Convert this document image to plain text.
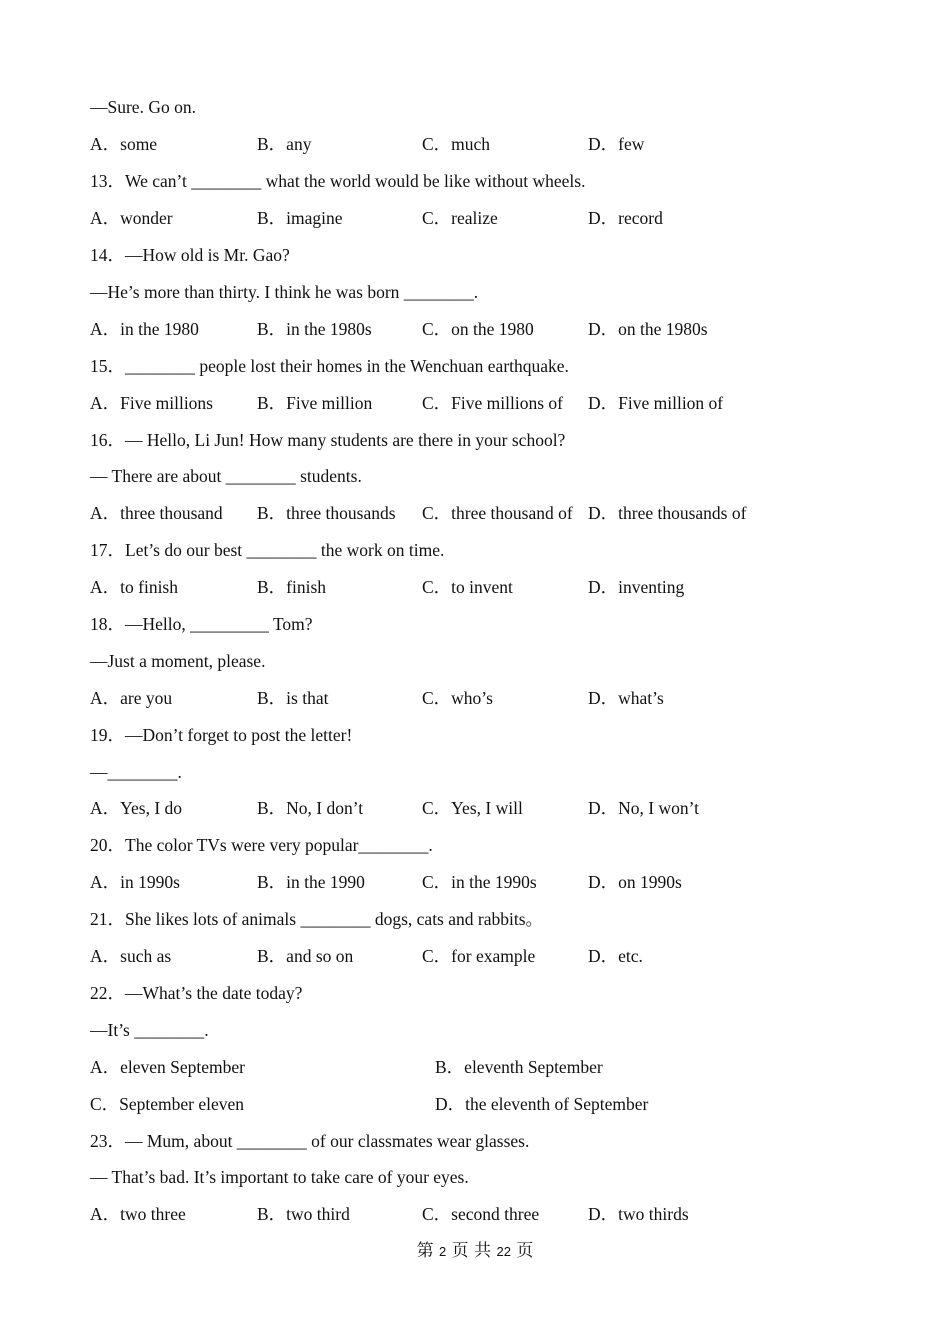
—Sure. Go on.
A．some	B．any	C．much	D．few
13．We can’t ________ what the world would be like without wheels.
A．wonder	B．imagine	C．realize	D．record
14．—How old is Mr. Gao?
—He’s more than thirty. I think he was born ________.
A．in the 1980	B．in the 1980s	C．on the 1980	D．on the 1980s
15．________ people lost their homes in the Wenchuan earthquake.
A．Five millions	B．Five million	C．Five millions of D．Five million of
16．— Hello, Li Jun! How many students are there in your school?
— There are about ________ students.
A．three thousand B．three thousands C．three thousand of D．three thousands of
17．Let’s do our best ________ the work on time.
A．to finish	B．finish	C．to invent	D．inventing
18．—Hello, _________ Tom?
—Just a moment, please.
A．are you	B．is that	C．who’s	D．what’s
19．—Don’t forget to post the letter!
—________.
A．Yes, I do	B．No, I don’t	C．Yes, I will	D．No, I won’t
20．The color TVs were very popular________.
A．in 1990s	B．in the 1990	C．in the 1990s	D．on 1990s
21．She likes lots of animals ________ dogs, cats and rabbits。
A．such as	B．and so on	C．for example	D．etc.
22．—What’s the date today?
—It’s ________.
A．eleven September	B．eleventh September
C．September eleven	D．the eleventh of September
23．— Mum, about ________ of our classmates wear glasses.
— That’s bad. It’s important to take care of your eyes.
A．two three	B．two third	C．second three	D．two thirds
第 2 页 共 22 页
